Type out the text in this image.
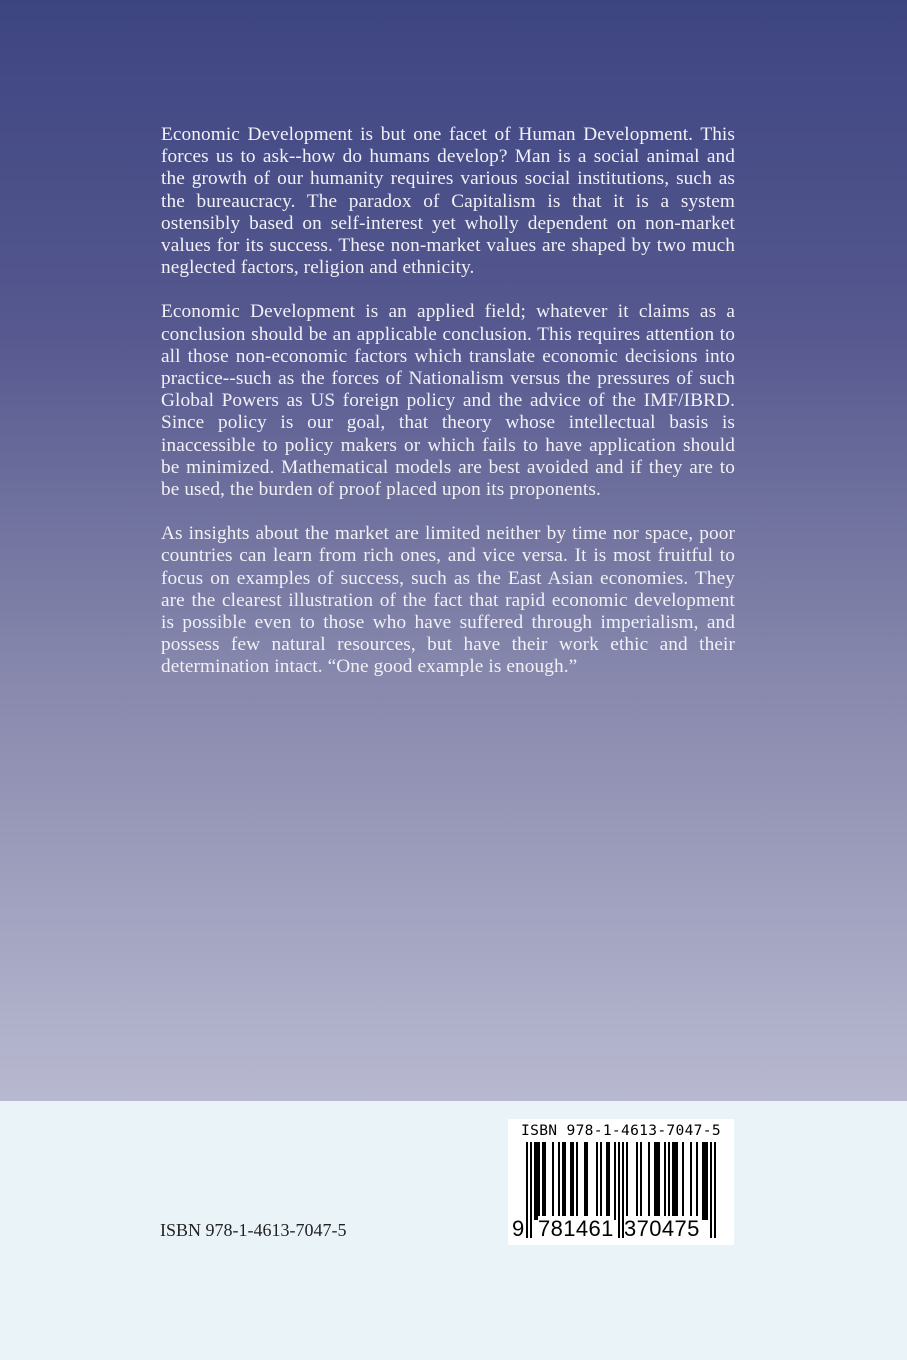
Economic Development is but one facet of Human Development. This forces us to ask--how do humans develop? Man is a social animal and the growth of our humanity requires various social institutions, such as the bureaucracy. The paradox of Capitalism is that it is a system ostensibly based on self-interest yet wholly dependent on non-market values for its success. These non-market values are shaped by two much neglected factors, religion and ethnicity.

Economic Development is an applied field; whatever it claims as a conclusion should be an applicable conclusion. This requires attention to all those non-economic factors which translate economic decisions into practice--such as the forces of Nationalism versus the pressures of such Global Powers as US foreign policy and the advice of the IMF/IBRD. Since policy is our goal, that theory whose intellectual basis is inaccessible to policy makers or which fails to have application should be minimized. Mathematical models are best avoided and if they are to be used, the burden of proof placed upon its proponents.

As insights about the market are limited neither by time nor space, poor countries can learn from rich ones, and vice versa. It is most fruitful to focus on examples of success, such as the East Asian economies. They are the clearest illustration of the fact that rapid economic development is possible even to those who have suffered through imperialism, and possess few natural resources, but have their work ethic and their determination intact. “One good example is enough.”

ISBN 978-1-4613-7047-5
ISBN 978-1-4613-7047-5
9 781461 370475
